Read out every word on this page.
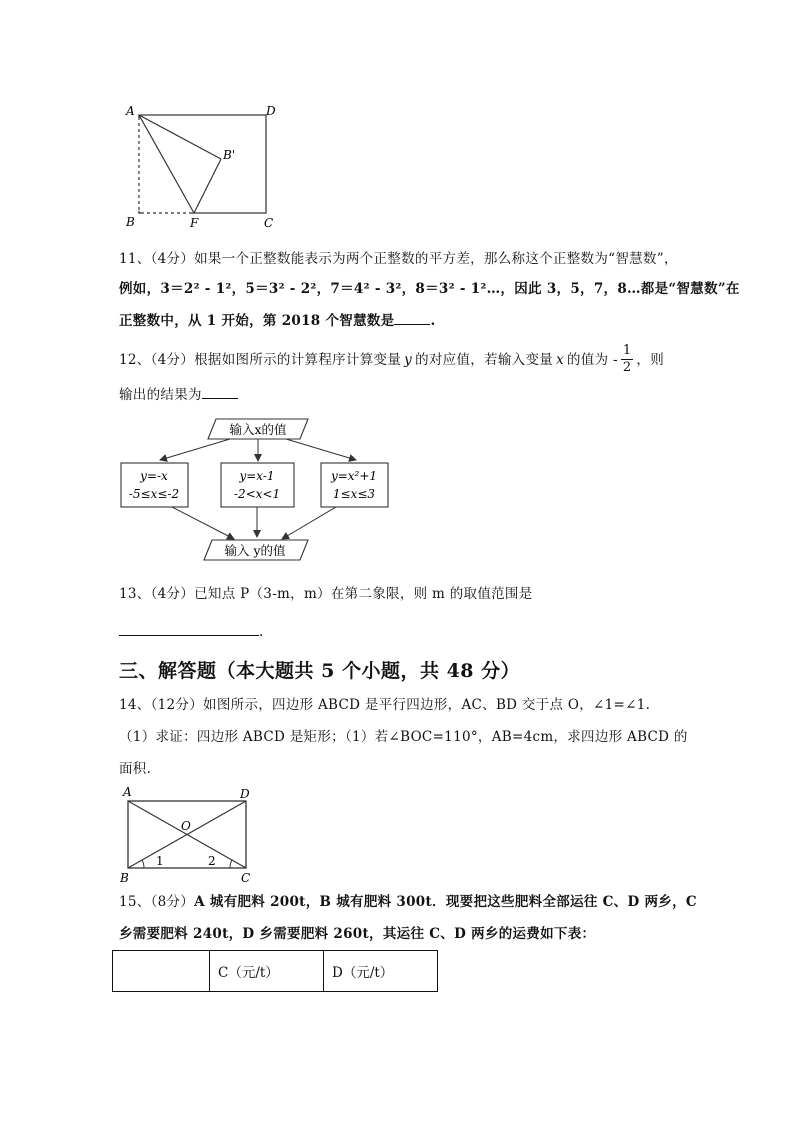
A	D
B'
B	F	C
11、（4分）如果一个正整数能表示为两个正整数的平方差，那么称这个正整数为“智慧数”，
例如，3＝2² - 1²，5＝3² - 2²，7＝4² - 3²，8＝3² - 1²…，因此 3，5，7，8…都是“智慧数”在
正整数中，从 1 开始，第 2018 个智慧数是	.
12、（4分） 根据如图所示的计算程序计算变量 y 的对应值，若输入变量 x 的值为 - $\frac{1}{2}$ ，则
输出的结果为
输入x的值
y=-x
-5≤x≤-2
y=x-1
-2<x<1
y=x²+1
1≤x≤3
输入 y的值
13、（4分）已知点 P（3-m，m）在第二象限，则 m 的取值范围是
.
三、解答题（本大题共 5 个小题，共 48 分）
14、（12分）如图所示，四边形 ABCD 是平行四边形，AC、BD 交于点 O，∠1=∠1.
（1）求证：四边形 ABCD 是矩形；（1）若∠BOC=110°，AB=4cm，求四边形 ABCD 的
面积.
A	D
O
B	C
1	2
15、（8分）A 城有肥料 200t，B 城有肥料 300t．现要把这些肥料全部运往 C、D 两乡，C
乡需要肥料 240t，D 乡需要肥料 260t，其运往 C、D 两乡的运费如下表：
	C（元/t）	D（元/t）
